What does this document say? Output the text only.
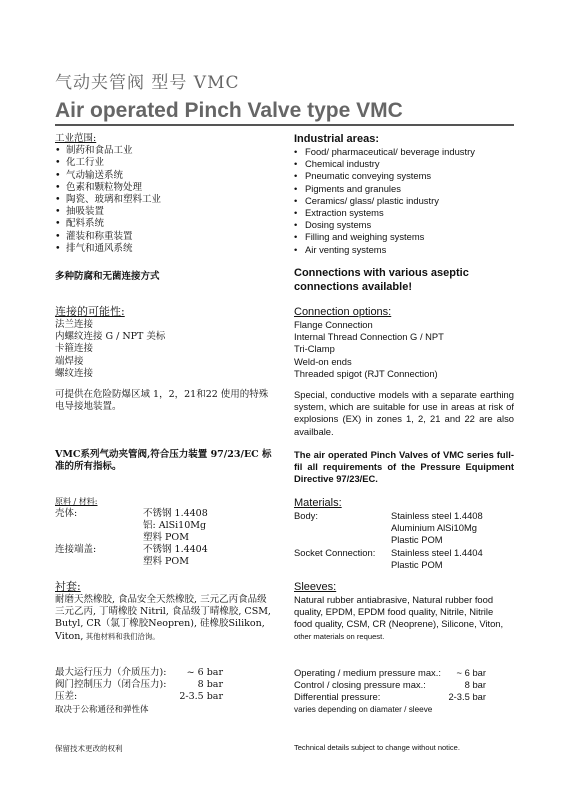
气动夹管阀 型号 VMC
Air operated Pinch Valve type VMC
工业范围:
• 制药和食品工业
• 化工行业
• 气动输送系统
• 色素和颗粒物处理
• 陶瓷、玻璃和塑料工业
• 抽吸装置
• 配料系统
• 灌装和称重装置
• 排气和通风系统
Industrial areas:
• Food/ pharmaceutical/ beverage industry
• Chemical industry
• Pneumatic conveying systems
• Pigments and granules
• Ceramics/ glass/ plastic industry
• Extraction systems
• Dosing systems
• Filling and weighing systems
• Air venting systems
多种防腐和无菌连接方式	Connections with various aseptic connections available!
连接的可能性:
法兰连接
内螺纹连接 G / NPT 美标
卡箍连接
端焊接
螺纹连接
Connection options:
Flange Connection
Internal Thread Connection G / NPT
Tri-Clamp
Weld-on ends
Threaded spigot (RJT Connection)
可提供在危险防爆区域 1，2，21和22 使用的特殊电导接地装置。
Special, conductive models with a separate earthing system, which are suitable for use in areas at risk of explosions (EX) in zones 1, 2, 21 and 22 are also availbale.
VMC系列气动夹管阀,符合压力装置 97/23/EC 标准的所有指标。
The air operated Pinch Valves of VMC series full-fil all requirements of the Pressure Equipment Directive 97/23/EC.
原料 / 材料:
壳体:	不锈钢 1.4408
铝: AlSi10Mg
塑料 POM
连接端盖:	不锈钢 1.4404
塑料 POM
Materials:
Body:	Stainless steel 1.4408
Aluminium AlSi10Mg
Plastic POM
Socket Connection:	Stainless steel 1.4404
Plastic POM
衬套:
耐磨天然橡胶, 食品安全天然橡胶, 三元乙丙食品级三元乙丙, 丁晴橡胶 Nitril, 食品级丁晴橡胶, CSM, Butyl, CR（氯丁橡胶Neopren), 硅橡胶Silikon, Viton, 其他材料和我们洽询。
Sleeves:
Natural rubber antiabrasive, Natural rubber food quality, EPDM, EPDM food quality, Nitrile, Nitrile food quality, CSM, CR (Neoprene), Silicone, Viton,
other materials on request.
最大运行压力（介质压力): ~ 6 bar
阀门控制压力（闭合压力):	8 bar
压差:	2-3.5 bar
取决于公称通径和弹性体
Operating / medium pressure max.: ~ 6 bar
Control / closing pressure max.:	8 bar
Differential pressure:	2-3.5 bar
varies depending on diamater / sleeve
保留技术更改的权利	Technical details subject to change without notice.
